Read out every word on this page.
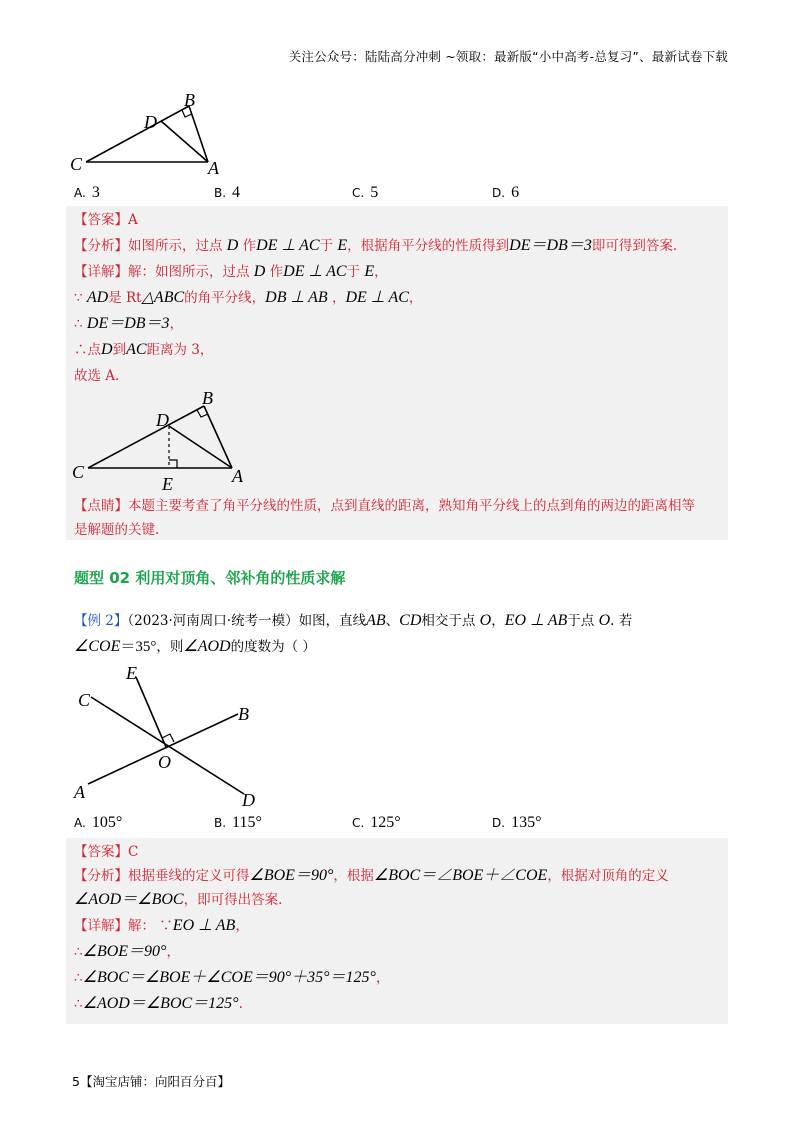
关注公众号：陆陆高分冲刺 ~领取：最新版“小中高考-总复习”、最新试卷下载
B
D
C	A
A. 3	B. 4	C. 5	D. 6
【答案】A
【分析】如图所示，过点 D 作DE ⊥ AC于 E，根据角平分线的性质得到DE＝DB＝3即可得到答案.
【详解】解：如图所示，过点 D 作DE ⊥ AC于 E，
∵ AD是 Rt△ABC的角平分线，DB ⊥ AB ，DE ⊥ AC，
∴ DE＝DB＝3，
∴点D到AC距离为 3，
故选 A.
B
D
C
E	A
【点睛】本题主要考查了角平分线的性质，点到直线的距离，熟知角平分线上的点到角的两边的距离相等
是解题的关键.
题型 02 利用对顶角、邻补角的性质求解
【例 2】（2023·河南周口·统考一模）如图，直线AB、CD相交于点 O，EO ⊥ AB于点 O. 若
∠COE＝35°，则∠AOD的度数为（ ）
E
C
B
O
A	D
A. 105°	B. 115°	C. 125°	D. 135°
【答案】C
【分析】根据垂线的定义可得∠BOE＝90°，根据∠BOC＝∠BOE＋∠COE，根据对顶角的定义
∠AOD＝∠BOC，即可得出答案.
【详解】解： ∵EO ⊥ AB，
∴∠BOE＝90°，
∴∠BOC＝∠BOE＋∠COE＝90°＋35°＝125°，
∴∠AOD＝∠BOC＝125°.
5【淘宝店铺：向阳百分百】
